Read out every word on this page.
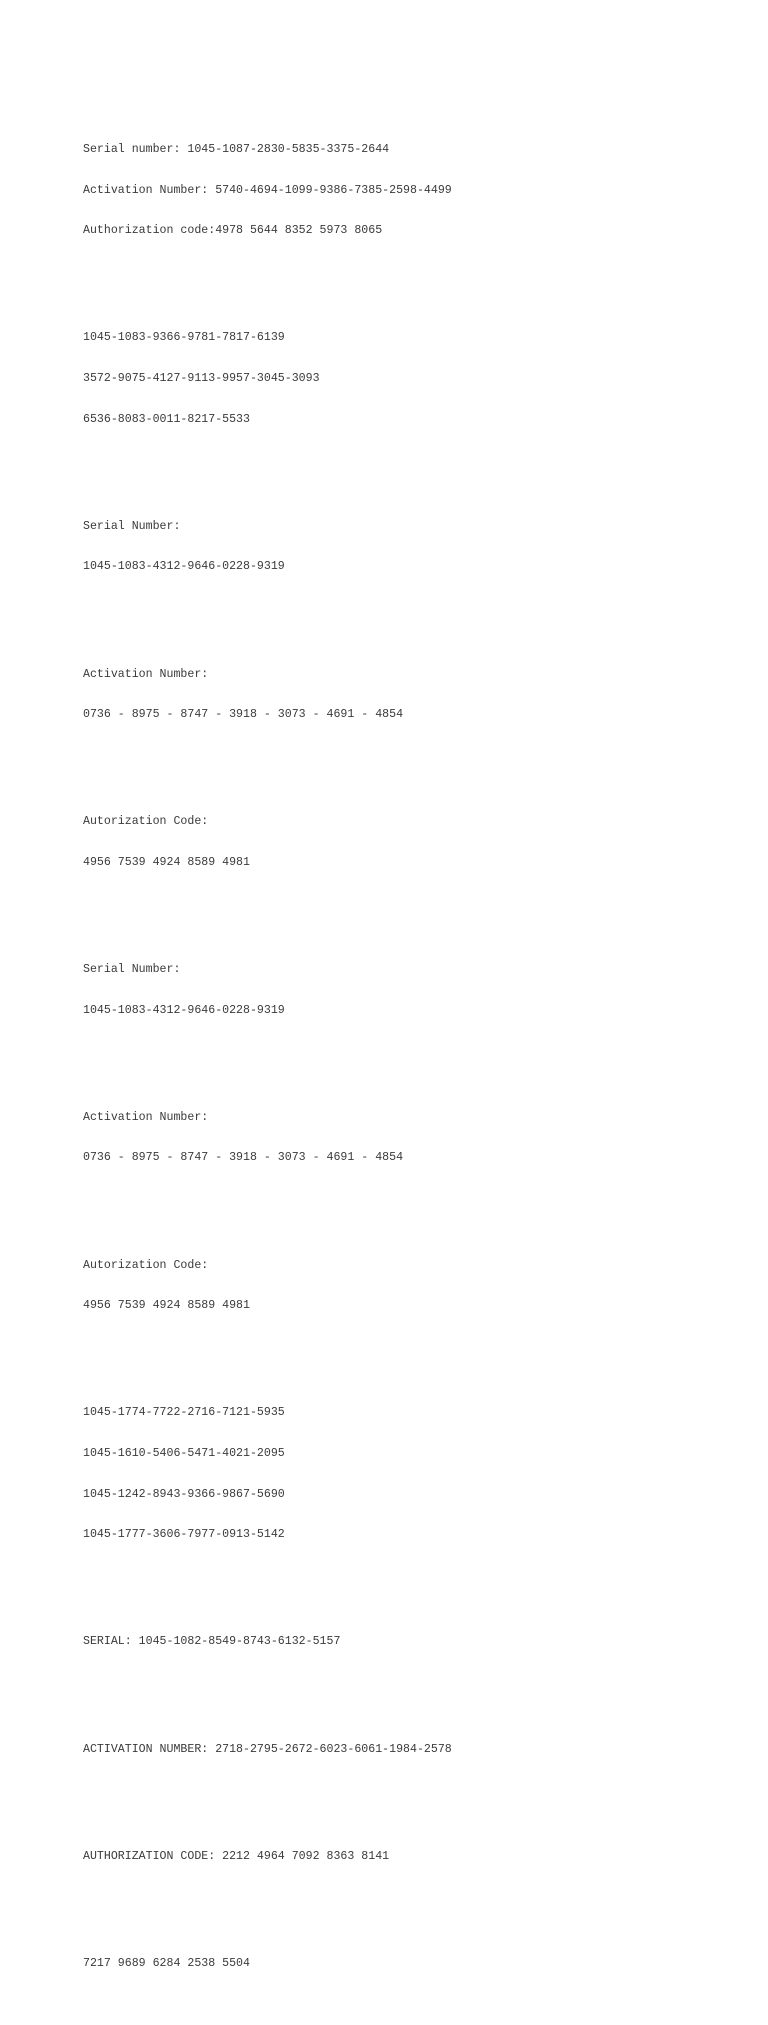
Serial number: 1045-1087-2830-5835-3375-2644

Activation Number: 5740-4694-1099-9386-7385-2598-4499

Authorization code:4978 5644 8352 5973 8065

1045-1083-9366-9781-7817-6139

3572-9075-4127-9113-9957-3045-3093

6536-8083-0011-8217-5533

Serial Number:

1045-1083-4312-9646-0228-9319

Activation Number:

0736 - 8975 - 8747 - 3918 - 3073 - 4691 - 4854

Autorization Code:

4956 7539 4924 8589 4981

Serial Number:

1045-1083-4312-9646-0228-9319

Activation Number:

0736 - 8975 - 8747 - 3918 - 3073 - 4691 - 4854

Autorization Code:

4956 7539 4924 8589 4981

1045-1774-7722-2716-7121-5935

1045-1610-5406-5471-4021-2095

1045-1242-8943-9366-9867-5690

1045-1777-3606-7977-0913-5142

SERIAL: 1045-1082-8549-8743-6132-5157

ACTIVATION NUMBER: 2718-2795-2672-6023-6061-1984-2578

AUTHORIZATION CODE: 2212 4964 7092 8363 8141

7217 9689 6284 2538 5504
